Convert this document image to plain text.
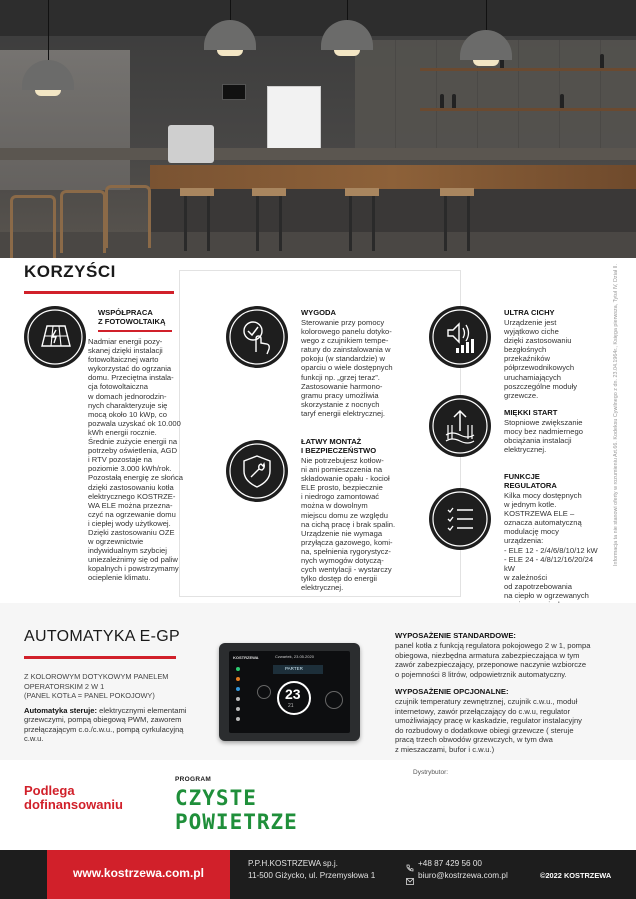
KORZYŚCI
WSPÓŁPRACA
Z FOTOWOLTAIKĄ
Nadmiar energii pozy-
skanej dzięki instalacji
fotowoltaicznej warto
wykorzystać do ogrzania
domu. Przeciętna instala-
cja fotowoltaiczna
w domach jednorodzin-
nych charakteryzuje się
mocą około 10 kWp, co
pozwala uzyskać ok 10.000
kWh energii rocznie.
Średnie zużycie energii na
potrzeby oświetlenia, AGD
i RTV pozostaje na
poziomie 3.000 kWh/rok.
Pozostałą energię ze słońca
dzięki zastosowaniu kotła
elektrycznego KOSTRZE-
WA ELE można przezna-
czyć na ogrzewanie domu
i ciepłej wody użytkowej.
Dzięki zastosowaniu OZE
w ogrzewnictwie
indywidualnym szybciej
uniezależnimy się od paliw
kopalnych i powstrzymamy
ocieplenie klimatu.
WYGODA
Sterowanie przy pomocy
kolorowego panelu dotyko-
wego z czujnikiem tempe-
ratury do zainstalowania w
pokoju (w standardzie) w
oparciu o wiele dostępnych
funkcji np. „grzej teraz”.
Zastosowanie harmono-
gramu pracy umożliwia
skorzystanie z nocnych
taryf energii elektrycznej.
ŁATWY MONTAŻ
I BEZPIECZEŃSTWO
Nie potrzebujesz kotłow-
ni ani pomieszczenia na
składowanie opału - kocioł
ELE prosto, bezpiecznie
i niedrogo zamontować
można w dowolnym
miejscu domu ze względu
na cichą pracę i brak spalin.
Urządzenie nie wymaga
przyłącza gazowego, komi-
na, spełnienia rygorystycz-
nych wymogów dotyczą-
cych wentylacji - wystarczy
tylko dostęp do energii
elektrycznej.
ULTRA CICHY
Urządzenie jest
wyjątkowo ciche
dzięki zastosowaniu
bezgłośnych
przekaźników
półprzewodnikowych
uruchamiających
poszczególne moduły
grzewcze.
MIĘKKI START
Stopniowe zwiększanie
mocy bez nadmiernego
obciążania instalacji
elektrycznej.
FUNKCJE
REGULATORA
Kilka mocy dostępnych
w jednym kotle.
KOSTRZEWA ELE –
oznacza automatyczną
modulację mocy
urządzenia:
- ELE 12 - 2/4/6/8/10/12 kW
- ELE 24 - 4/8/12/16/20/24 kW
w zależności
od zapotrzebowania
na ciepło w ogrzewanych

Informacja ta nie stanowi oferty w rozumieniu Art.66. Kodeksu Cywilnego z dn. 23.04.1964r., Księga pierwsza, Tytuł IV, Dział II.
AUTOMATYKA E-GP
Z KOLOROWYM DOTYKOWYM PANELEM
OPERATORSKIM 2 W 1
(PANEL KOTŁA = PANEL POKOJOWY)
Automatyka steruje: elektrycznymi elementami grzewczymi, pompą obiegową PWM, zaworem przełączającym c.o./c.w.u., pompą cyrkulacyjną c.w.u.
KOSTRZEWA	Czwartek, 23.05.2020
PARTER
23
21
WYPOSAŻENIE STANDARDOWE:
panel kotła z funkcją regulatora pokojowego 2 w 1, pompa
obiegowa, niezbędna armatura zabezpieczająca w tym
zawór zabezpieczający, przeponowe naczynie wzbiorcze
o pojemności 8 litrów, odpowietrznik automatyczny.
WYPOSAŻENIE OPCJONALNE:
czujnik temperatury zewnętrznej, czujnik c.w.u., moduł
internetowy, zawór przełączający do c.w.u, regulator
umożliwiający pracę w kaskadzie, regulator instalacyjny
do rozbudowy o dodatkowe obiegi grzewcze ( steruje
pracą trzech obwodów grzewczych, w tym dwa
z mieszaczami, bufor i c.w.u.)
Dystrybutor:
Podlega
dofinansowaniu
PROGRAM
CZYSTE
POWIETRZE
www.kostrzewa.com.pl
P.P.H.KOSTRZEWA sp.j.
11-500 Giżycko, ul. Przemysłowa 1
+48 87 429 56 00
biuro@kostrzewa.com.pl	©2022 KOSTRZEWA
